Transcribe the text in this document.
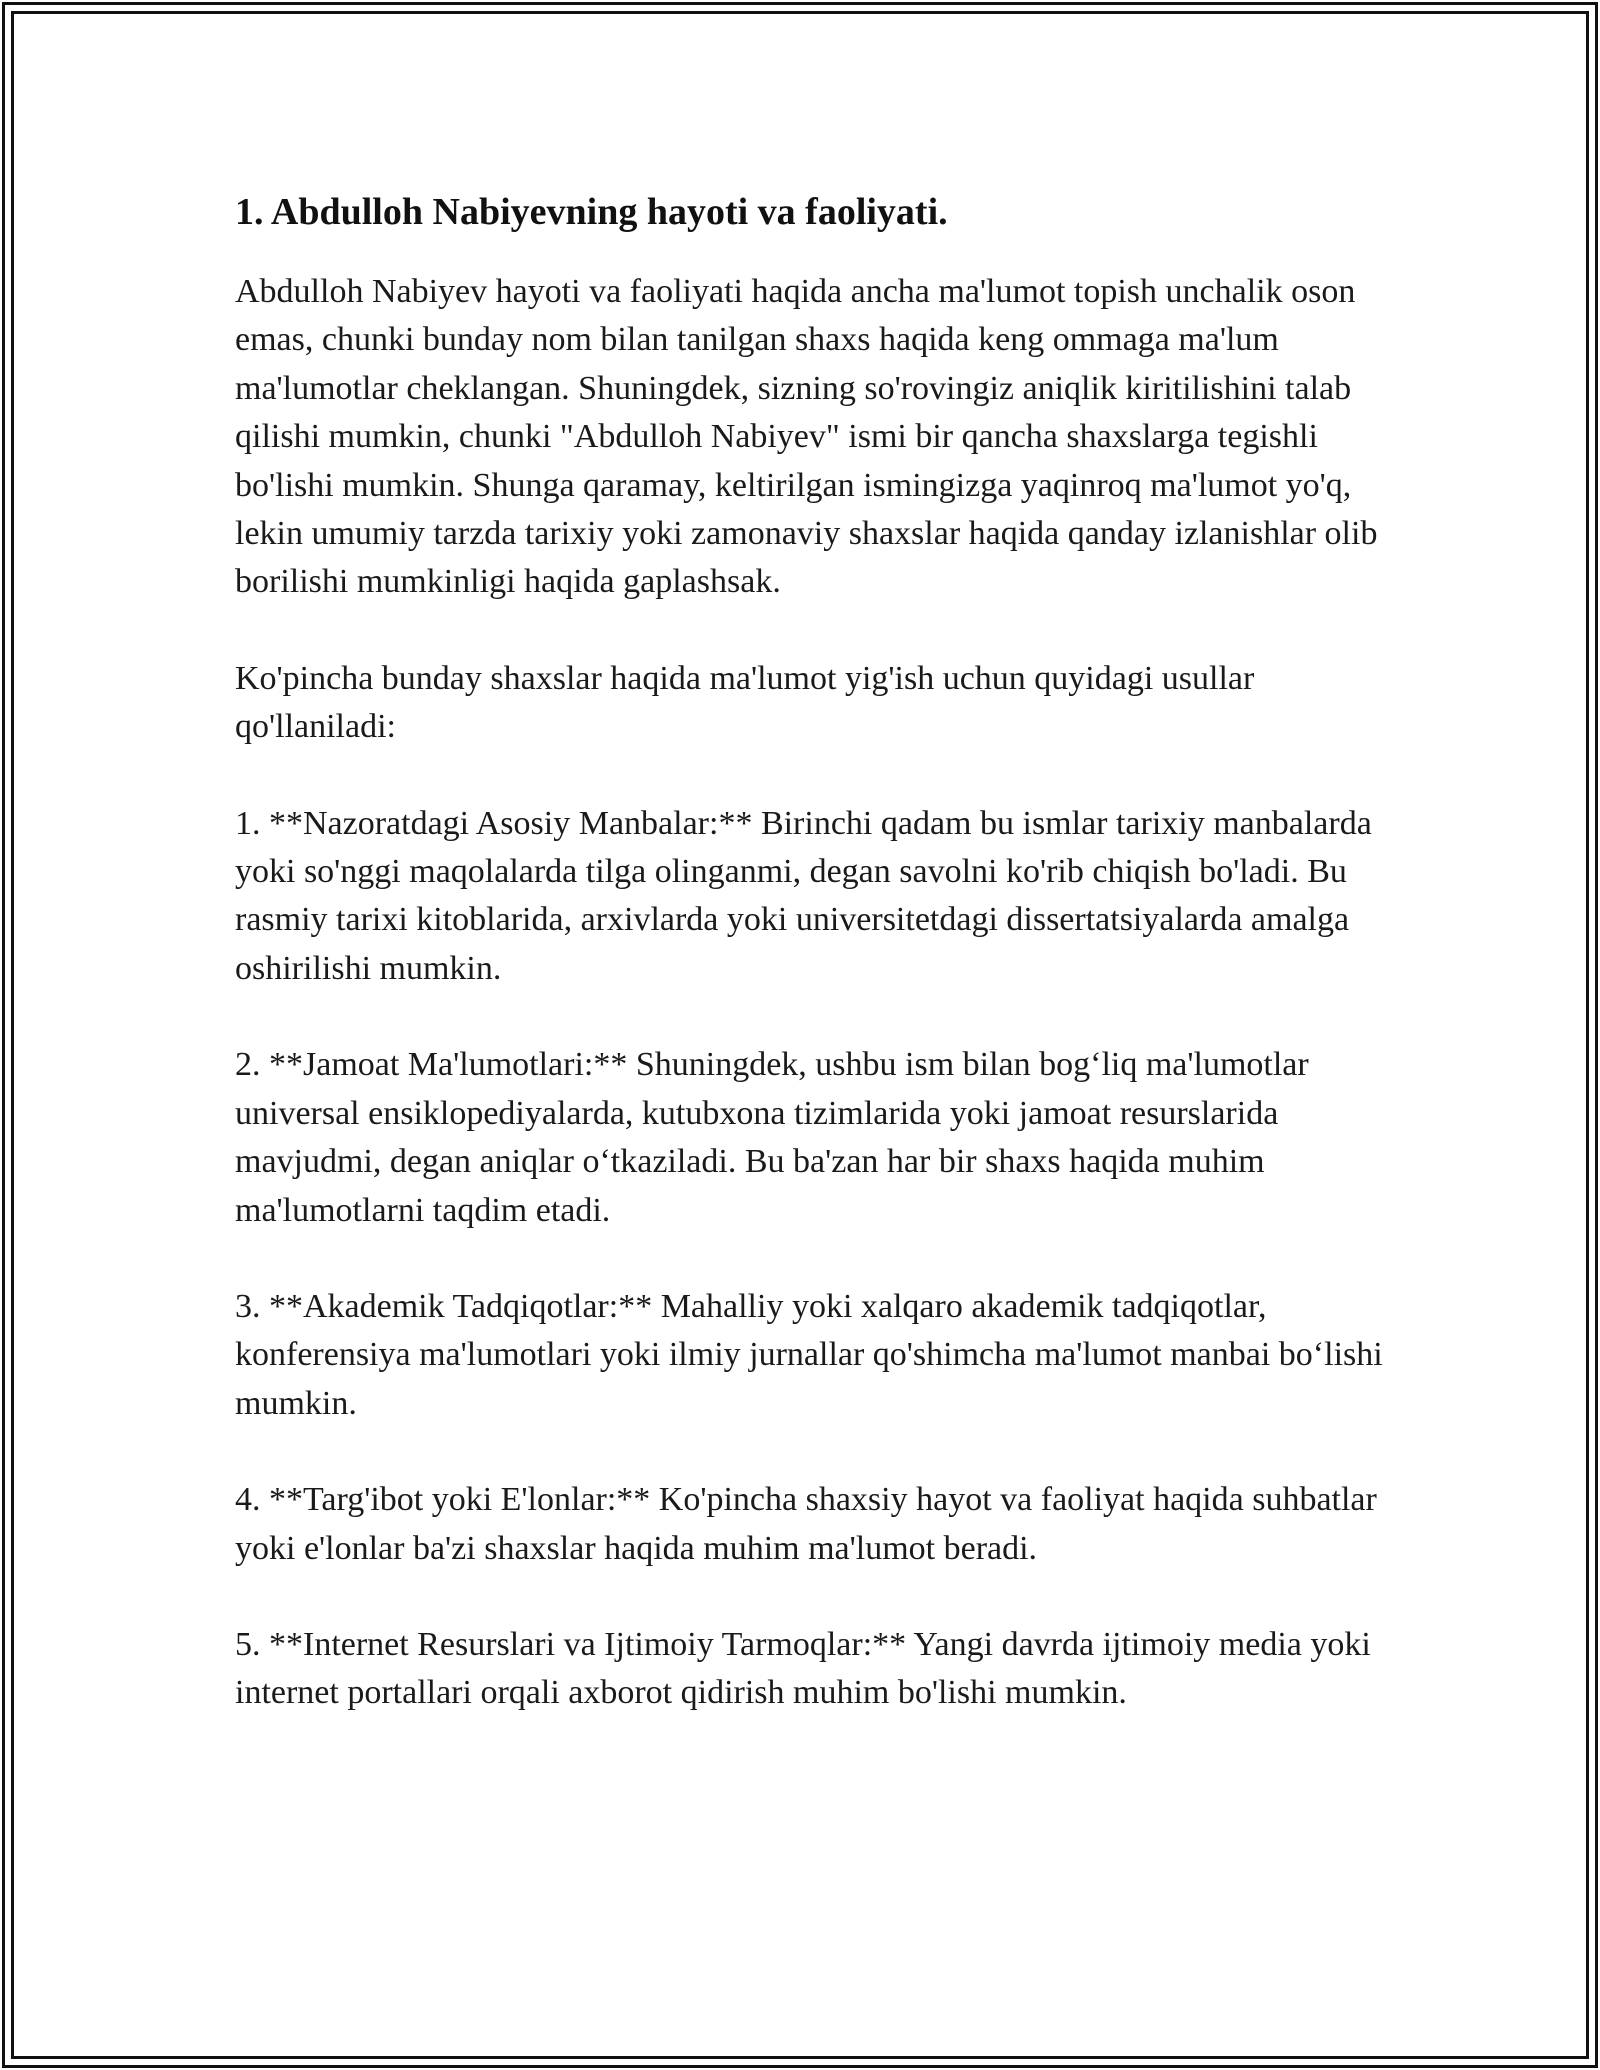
1. Abdulloh Nabiyevning hayoti va faoliyati.

Abdulloh Nabiyev hayoti va faoliyati haqida ancha ma'lumot topish unchalik oson emas, chunki bunday nom bilan tanilgan shaxs haqida keng ommaga ma'lum ma'lumotlar cheklangan. Shuningdek, sizning so'rovingiz aniqlik kiritilishini talab qilishi mumkin, chunki "Abdulloh Nabiyev" ismi bir qancha shaxslarga tegishli bo'lishi mumkin. Shunga qaramay, keltirilgan ismingizga yaqinroq ma'lumot yo'q, lekin umumiy tarzda tarixiy yoki zamonaviy shaxslar haqida qanday izlanishlar olib borilishi mumkinligi haqida gaplashsak.

Ko'pincha bunday shaxslar haqida ma'lumot yig'ish uchun quyidagi usullar qo'llaniladi:

1. **Nazoratdagi Asosiy Manbalar:** Birinchi qadam bu ismlar tarixiy manbalarda yoki so'nggi maqolalarda tilga olinganmi, degan savolni ko'rib chiqish bo'ladi. Bu rasmiy tarixi kitoblarida, arxivlarda yoki universitetdagi dissertatsiyalarda amalga oshirilishi mumkin.

2. **Jamoat Ma'lumotlari:** Shuningdek, ushbu ism bilan bog‘liq ma'lumotlar universal ensiklopediyalarda, kutubxona tizimlarida yoki jamoat resurslarida mavjudmi, degan aniqlar o‘tkaziladi. Bu ba'zan har bir shaxs haqida muhim ma'lumotlarni taqdim etadi.

3. **Akademik Tadqiqotlar:** Mahalliy yoki xalqaro akademik tadqiqotlar, konferensiya ma'lumotlari yoki ilmiy jurnallar qo'shimcha ma'lumot manbai bo‘lishi mumkin.

4. **Targ'ibot yoki E'lonlar:** Ko'pincha shaxsiy hayot va faoliyat haqida suhbatlar yoki e'lonlar ba'zi shaxslar haqida muhim ma'lumot beradi.

5. **Internet Resurslari va Ijtimoiy Tarmoqlar:** Yangi davrda ijtimoiy media yoki internet portallari orqali axborot qidirish muhim bo'lishi mumkin.
